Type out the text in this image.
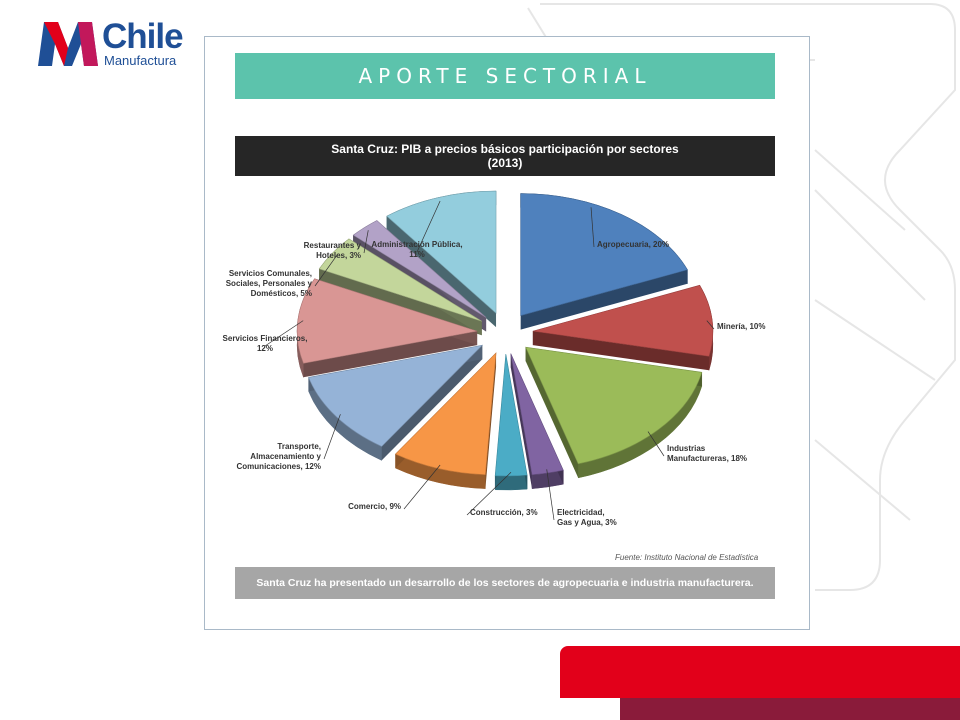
Chile
Manufactura
APORTE SECTORIAL
Santa Cruz: PIB a precios básicos participación por sectores
(2013)
Agropecuaria, 20%
Minería, 10%
Industrias Manufactureras, 18%
Electricidad, Gas y Agua, 3%
Construcción, 3%
Comercio, 9%
Transporte, Almacenamiento y Comunicaciones, 12%
Servicios Financieros, 12%
Servicios Comunales, Sociales, Personales y Domésticos, 5%
Restaurantes y Hoteles, 3%
Administración Pública, 11%
Fuente: Instituto Nacional de Estadística
Santa Cruz ha presentado un desarrollo de los sectores de agropecuaria e industria manufacturera.
